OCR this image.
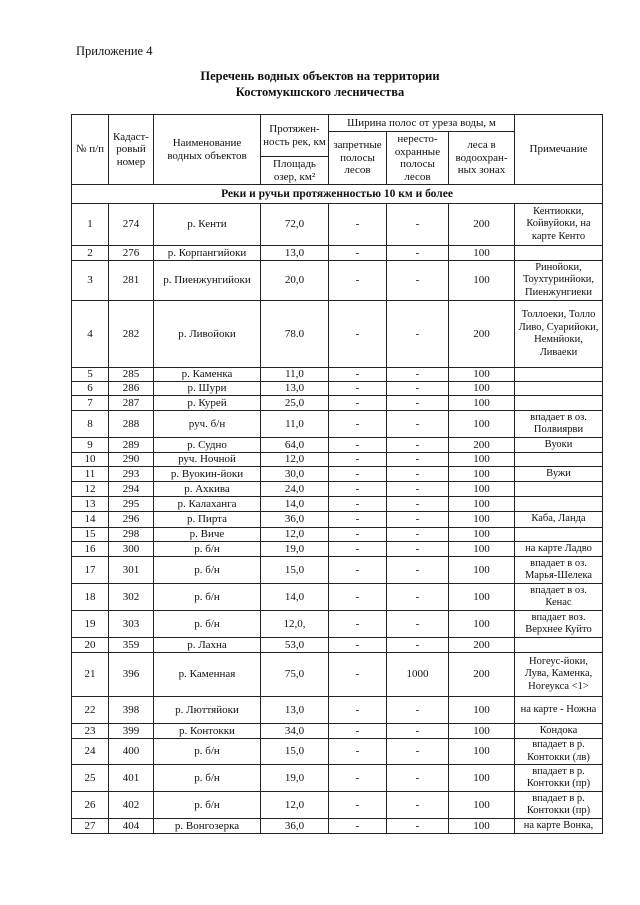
Приложение 4
Перечень водных объектов на территории
Костомукшского лесничества
№ п/п	Кадаст-ровый номер	Наименование водных объектов	Протяжен-ность рек, км	Ширина полос от уреза воды, м			Примечание
				запретные полосы лесов	нересто-охранные полосы лесов	леса в водоохран-ных зонах	
			Площадь озер, км²				
Реки и ручьи протяженностью 10 км и более							
1	274	р. Кенти	72,0	-	-	200	Кентиокки, Койвуйоки, на карте Кенто
2	276	р. Корпангийоки	13,0	-	-	100	
3	281	р. Пиенжунгийоки	20,0	-	-	100	Ринойоки, Тоухтуринйоки, Пиенжунгиеки
4	282	р. Ливойоки	78.0	-	-	200	Толлоеки, Толло Ливо, Суарийоки, Немнйоки, Ливаеки
5	285	р. Каменка	11,0	-	-	100	
6	286	р. Шури	13,0	-	-	100	
7	287	р. Курей	25,0	-	-	100	
8	288	руч. б/н	11,0	-	-	100	впадает в оз. Полвиярви
9	289	р. Судно	64,0	-	-	200	Вуоки
10	290	руч. Ночной	12,0	-	-	100	
11	293	р. Вуокин-йоки	30,0	-	-	100	Вужи
12	294	р. Ахкива	24,0	-	-	100	
13	295	р. Калаханга	14,0	-	-	100	
14	296	р. Пирта	36,0	-	-	100	Каба, Ланда
15	298	р. Виче	12,0	-	-	100	
16	300	р. б/н	19,0	-	-	100	на карте Ладво
17	301	р. б/н	15,0	-	-	100	впадает в оз. Марья-Шелека
18	302	р. б/н	14,0	-	-	100	впадает в оз. Кенас
19	303	р. б/н	12,0,	-	-	100	впадает воз. Верхнее Куйто
20	359	р. Лахна	53,0	-	-	200	
21	396	р. Каменная	75,0	-	1000	200	Ногеус-йоки, Лува, Каменка, Ногеукса <1>
22	398	р. Люттяйоки	13,0	-	-	100	на карте - Ножна
23	399	р. Контокки	34,0	-	-	100	Кондока
24	400	р. б/н	15,0	-	-	100	впадает в р. Контокки (лв)
25	401	р. б/н	19,0	-	-	100	впадает в р. Контокки (пр)
26	402	р. б/н	12,0	-	-	100	впадает в р. Контокки (пр)
27	404	р. Вонгозерка	36,0	-	-	100	на карте Вонка,
